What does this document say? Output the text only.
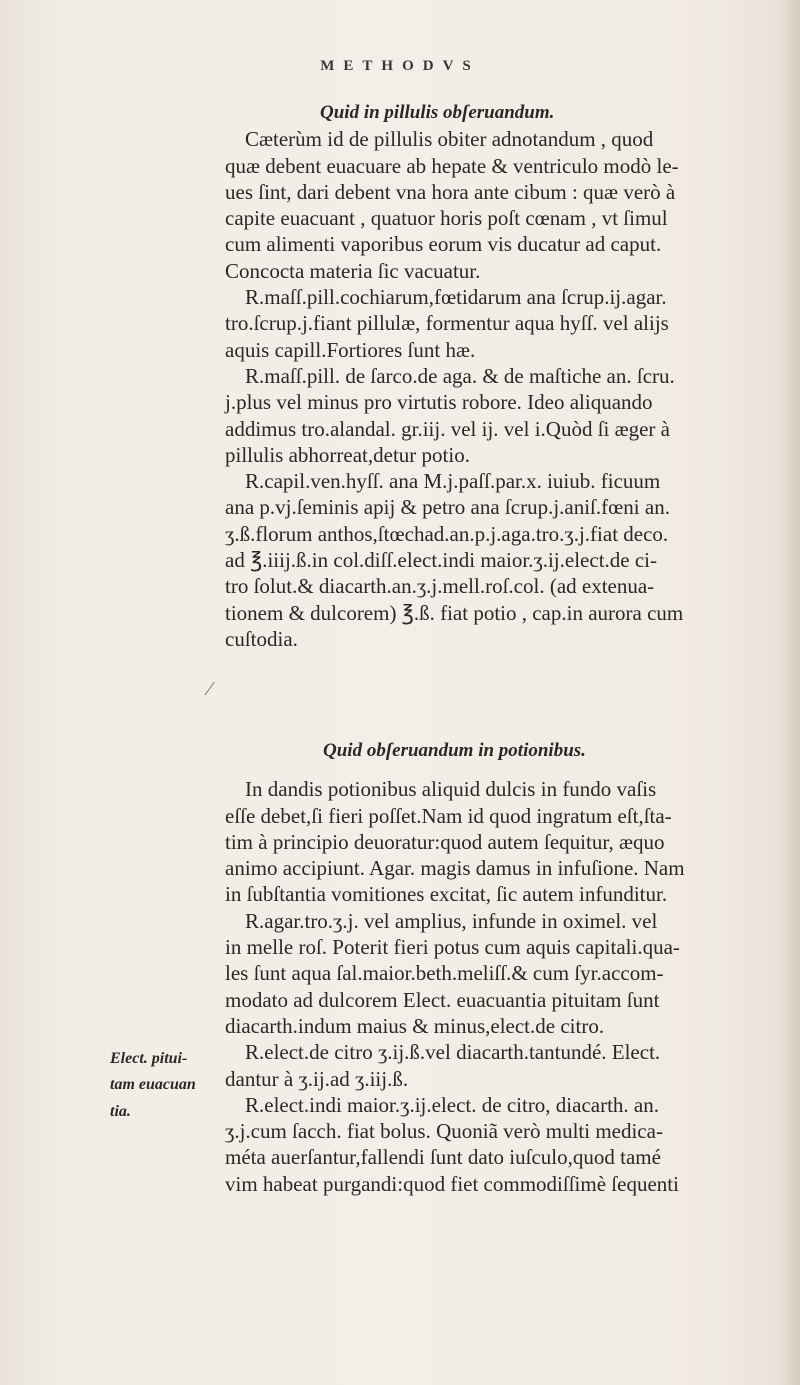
METHODVS
Quid in pillulis obſeruandum.
Cæterùm id de pillulis obiter adnotandum , quod
quæ debent euacuare ab hepate & ventriculo modò le-
ues ſint, dari debent vna hora ante cibum : quæ verò à
capite euacuant , quatuor horis poſt cœnam , vt ſimul
cum alimenti vaporibus eorum vis ducatur ad caput.
Concocta materia ſic vacuatur.
R.maſſ.pill.cochiarum,fœtidarum ana ſcrup.ij.agar.
tro.ſcrup.j.fiant pillulæ, formentur aqua hyſſ. vel alijs
aquis capill.Fortiores ſunt hæ.
R.maſſ.pill. de ſarco.de aga. & de maſtiche an. ſcru.
j.plus vel minus pro virtutis robore. Ideo aliquando
addimus tro.alandal. gr.iij. vel ij. vel i.Quòd ſi æger à
pillulis abhorreat,detur potio.
R.capil.ven.hyſſ. ana M.j.paſſ.par.x. iuiub. ficuum
ana p.vj.ſeminis apij & petro ana ſcrup.j.aniſ.fœni an.
ʒ.ß.florum anthos,ſtœchad.an.p.j.aga.tro.ʒ.j.fiat deco.
ad ℥.iiij.ß.in col.diſſ.elect.indi maior.ʒ.ij.elect.de ci-
tro ſolut.& diacarth.an.ʒ.j.mell.roſ.col. (ad extenua-
tionem & dulcorem) ℥.ß. fiat potio , cap.in aurora cum
cuſtodia.
⁄
Quid obſeruandum in potionibus.
In dandis potionibus aliquid dulcis in fundo vaſis
eſſe debet,ſi fieri poſſet.Nam id quod ingratum eſt,ſta-
tim à principio deuoratur:quod autem ſequitur, æquo
animo accipiunt. Agar. magis damus in infuſione. Nam
in ſubſtantia vomitiones excitat, ſic autem infunditur.
R.agar.tro.ʒ.j. vel amplius, infunde in oximel. vel
in melle roſ. Poterit fieri potus cum aquis capitali.qua-
les ſunt aqua ſal.maior.beth.meliſſ.& cum ſyr.accom-
modato ad dulcorem Elect. euacuantia pituitam ſunt
diacarth.indum maius & minus,elect.de citro.
R.elect.de citro ʒ.ij.ß.vel diacarth.tantundé. Elect.
dantur à ʒ.ij.ad ʒ.iij.ß.
R.elect.indi maior.ʒ.ij.elect. de citro, diacarth. an.
ʒ.j.cum ſacch. fiat bolus. Quoniã verò multi medica-
méta auerſantur,fallendi ſunt dato iuſculo,quod tamé
vim habeat purgandi:quod fiet commodiſſimè ſequenti
Elect. pitui-
tam euacuan
tia.
